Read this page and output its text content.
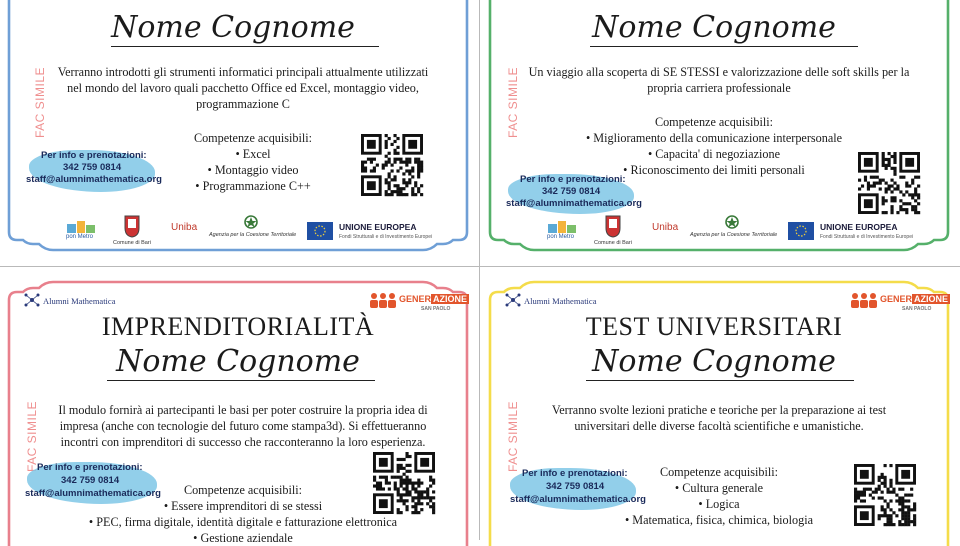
Nome Cognome
FAC SIMILE Verranno introdotti gli strumenti informatici principali attualmente utilizzati nel mondo del lavoro quali pacchetto Office ed Excel, montaggio video, programmazione C
Competenze acquisibili:
• Excel
• Montaggio video
• Programmazione C++
Per info e prenotazioni:
342 759 0814
staff@alumnimathematica.org
pon Metro
Comune di Bari
Uniba
Agenzia per la Coesione Territoriale
UNIONE EUROPEA
Fondi Strutturali e di Investimento Europei
Nome Cognome
FAC SIMILE Un viaggio alla scoperta di SE STESSI e valorizzazione delle soft skills per la propria carriera professionale
Competenze acquisibili:
• Miglioramento della comunicazione interpersonale
• Capacita' di negoziazione
• Riconoscimento dei limiti personali
Per info e prenotazioni:
342 759 0814
staff@alumnimathematica.org
pon Metro
Comune di Bari
Uniba
Agenzia per la Coesione Territoriale
UNIONE EUROPEA
Fondi Strutturali e di Investimento Europei
Alumni Mathematica	GENER AZIONE
SAN PAOLO
IMPRENDITORIALITÀ
Nome Cognome
FAC SIMILE	Il modulo fornirà ai partecipanti le basi per poter costruire la propria idea di impresa (anche con tecnologie del futuro come stampa3d). Si effettueranno incontri con imprenditori di successo che racconteranno la loro esperienza.
Competenze acquisibili:
• Essere imprenditori di se stessi
• PEC, firma digitale, identità digitale e fatturazione elettronica
• Gestione aziendale
Per info e prenotazioni:
342 759 0814
staff@alumnimathematica.org
Alumni Mathematica	GENER AZIONE
SAN PAOLO
TEST UNIVERSITARI
Nome Cognome
FAC SIMILE	Verranno svolte lezioni pratiche e teoriche per la preparazione ai test universitari delle diverse facoltà scientifiche e umanistiche.
Competenze acquisibili:
• Cultura generale
• Logica
• Matematica, fisica, chimica, biologia
Per info e prenotazioni:
342 759 0814
staff@alumnimathematica.org
